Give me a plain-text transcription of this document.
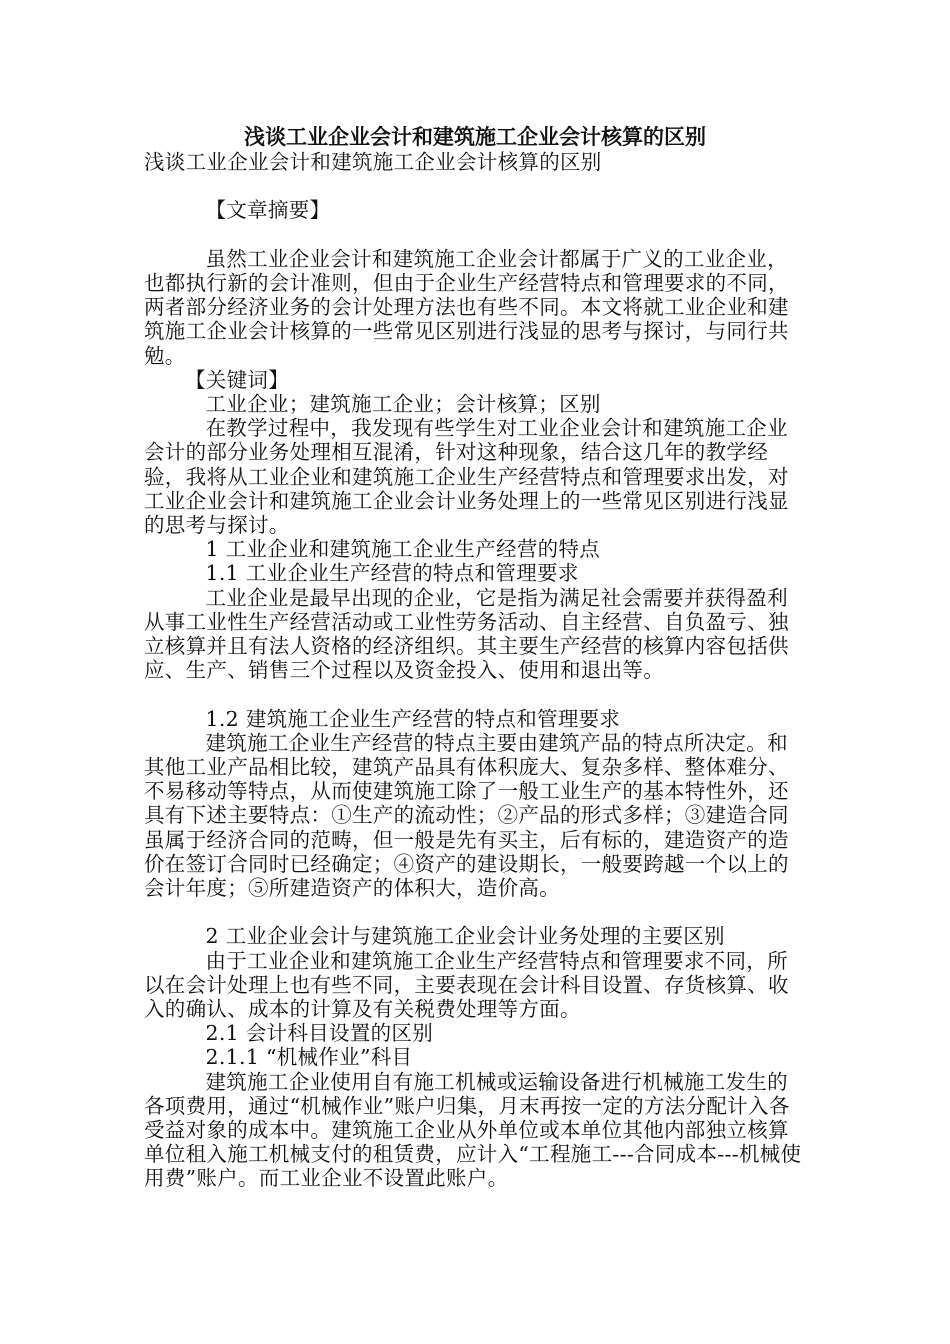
浅谈工业企业会计和建筑施工企业会计核算的区别

浅谈工业企业会计和建筑施工企业会计核算的区别

【文章摘要】

虽然工业企业会计和建筑施工企业会计都属于广义的工业企业，也都执行新的会计准则，但由于企业生产经营特点和管理要求的不同，两者部分经济业务的会计处理方法也有些不同。本文将就工业企业和建筑施工企业会计核算的一些常见区别进行浅显的思考与探讨，与同行共勉。

【关键词】

工业企业；建筑施工企业；会计核算；区别

在教学过程中，我发现有些学生对工业企业会计和建筑施工企业会计的部分业务处理相互混淆，针对这种现象，结合这几年的教学经验，我将从工业企业和建筑施工企业生产经营特点和管理要求出发，对工业企业会计和建筑施工企业会计业务处理上的一些常见区别进行浅显的思考与探讨。

1 工业企业和建筑施工企业生产经营的特点

1.1 工业企业生产经营的特点和管理要求

工业企业是最早出现的企业，它是指为满足社会需要并获得盈利从事工业性生产经营活动或工业性劳务活动、自主经营、自负盈亏、独立核算并且有法人资格的经济组织。其主要生产经营的核算内容包括供应、生产、销售三个过程以及资金投入、使用和退出等。

1.2 建筑施工企业生产经营的特点和管理要求

建筑施工企业生产经营的特点主要由建筑产品的特点所决定。和其他工业产品相比较，建筑产品具有体积庞大、复杂多样、整体难分、不易移动等特点，从而使建筑施工除了一般工业生产的基本特性外，还具有下述主要特点：①生产的流动性；②产品的形式多样；③建造合同虽属于经济合同的范畴，但一般是先有买主，后有标的，建造资产的造价在签订合同时已经确定；④资产的建设期长，一般要跨越一个以上的会计年度；⑤所建造资产的体积大，造价高。

2 工业企业会计与建筑施工企业会计业务处理的主要区别

由于工业企业和建筑施工企业生产经营特点和管理要求不同，所以在会计处理上也有些不同，主要表现在会计科目设置、存货核算、收入的确认、成本的计算及有关税费处理等方面。

2.1 会计科目设置的区别

2.1.1 “机械作业”科目

建筑施工企业使用自有施工机械或运输设备进行机械施工发生的各项费用，通过“机械作业”账户归集，月末再按一定的方法分配计入各受益对象的成本中。建筑施工企业从外单位或本单位其他内部独立核算单位租入施工机械支付的租赁费，应计入“工程施工---合同成本---机械使用费”账户。而工业企业不设置此账户。
